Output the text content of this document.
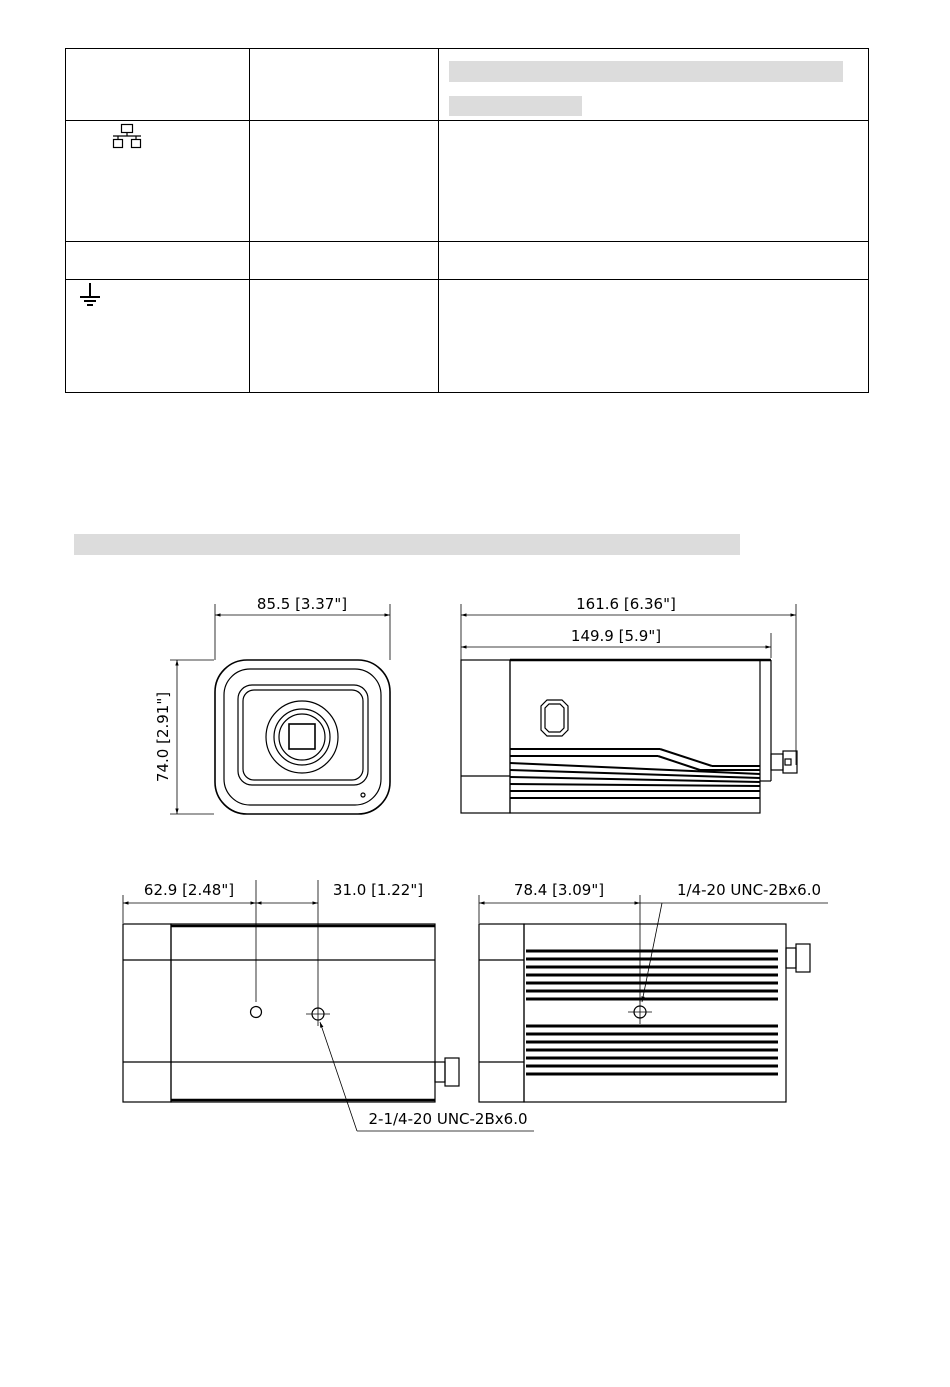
85.5 [3.37"]
74.0 [2.91"]
161.6 [6.36"]
149.9 [5.9"]
62.9 [2.48"]	31.0 [1.22"]
2-1/4-20 UNC-2Bx6.0
78.4 [3.09"]	1/4-20 UNC-2Bx6.0
